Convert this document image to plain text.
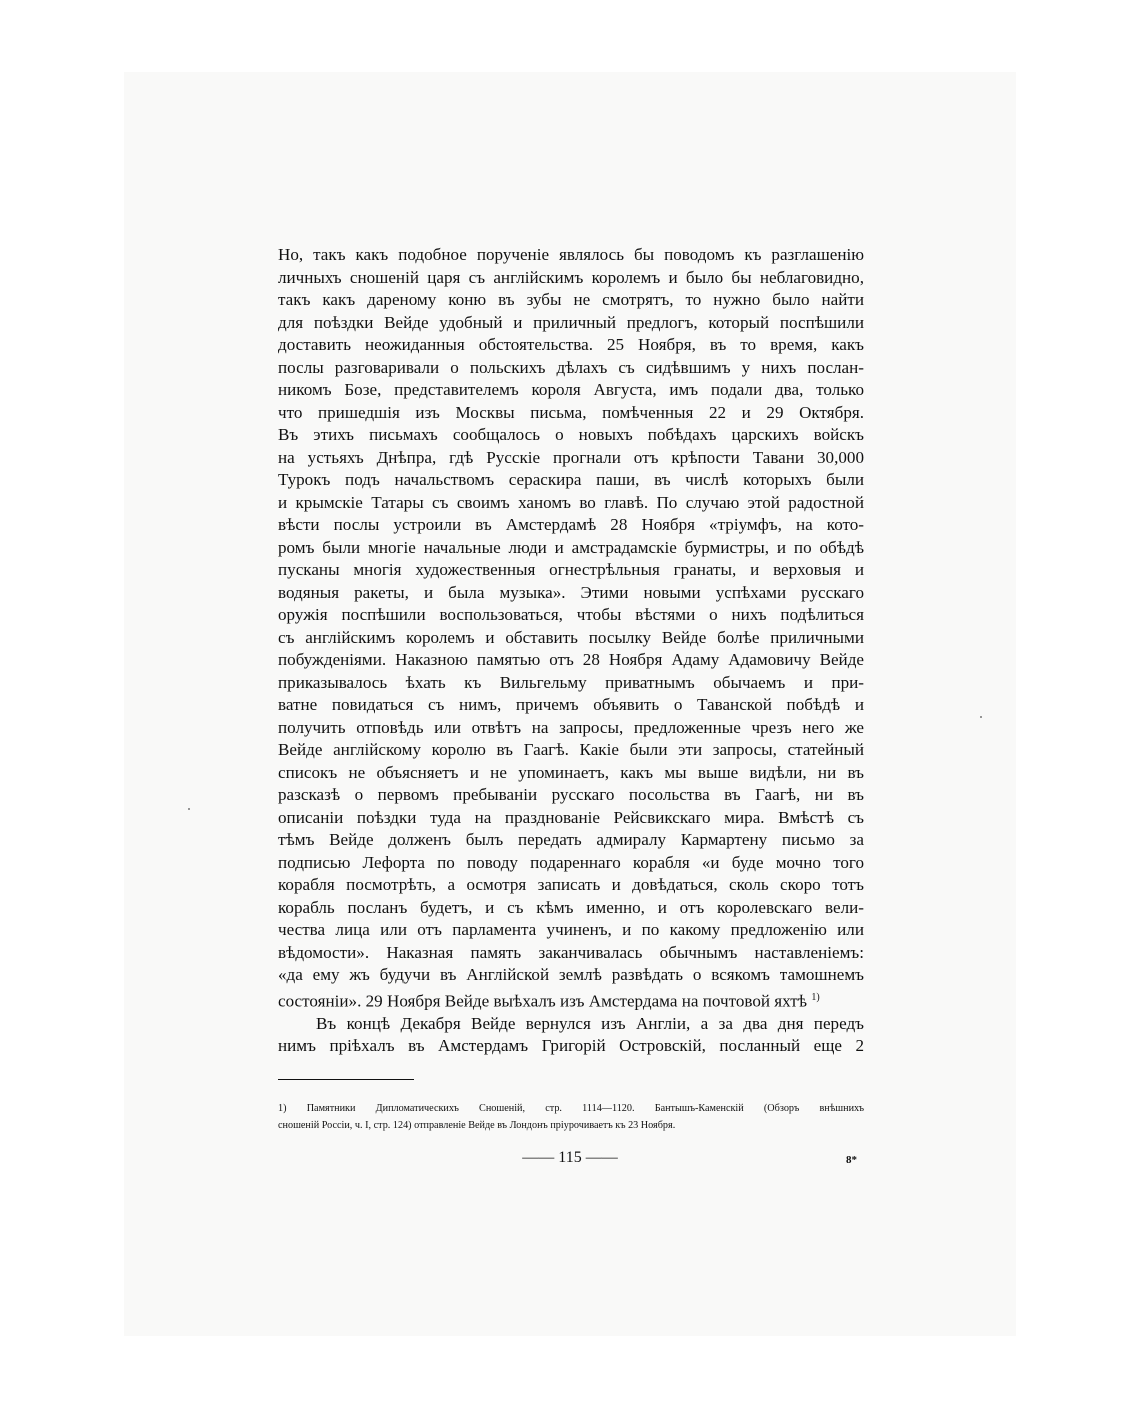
Но, такъ какъ подобное порученіе являлось бы поводомъ къ разглашенію
личныхъ сношеній царя съ англійскимъ королемъ и было бы неблаговидно,
такъ какъ дареному коню въ зубы не смотрятъ, то нужно было найти
для поѣздки Вейде удобный и приличный предлогъ, который поспѣшили
доставить неожиданныя обстоятельства. 25 Ноября, въ то время, какъ
послы разговаривали о польскихъ дѣлахъ съ сидѣвшимъ у нихъ послан-
никомъ Бозе, представителемъ короля Августа, имъ подали два, только
что пришедшія изъ Москвы письма, помѣченныя 22 и 29 Октября.
Въ этихъ письмахъ сообщалось о новыхъ побѣдахъ царскихъ войскъ
на устьяхъ Днѣпра, гдѣ Русскіе прогнали отъ крѣпости Тавани 30,000
Турокъ подъ начальствомъ сераскира паши, въ числѣ которыхъ были
и крымскіе Татары съ своимъ ханомъ во главѣ. По случаю этой радостной
вѣсти послы устроили въ Амстердамѣ 28 Ноября «тріумфъ, на кото-
ромъ были многіе начальные люди и амстрадамскіе бурмистры, и по обѣдѣ
пусканы многія художественныя огнестрѣльныя гранаты, и верховыя и
водяныя ракеты, и была музыка». Этими новыми успѣхами русскаго
оружія поспѣшили воспользоваться, чтобы вѣстями о нихъ подѣлиться
съ англійскимъ королемъ и обставить посылку Вейде болѣе приличными
побужденіями. Наказною памятью отъ 28 Ноября Адаму Адамовичу Вейде
приказывалось ѣхать къ Вильгельму приватнымъ обычаемъ и при-
ватне повидаться съ нимъ, причемъ объявить о Таванской побѣдѣ и
получить отповѣдь или отвѣтъ на запросы, предложенные чрезъ него же
Вейде англійскому королю въ Гаагѣ. Какіе были эти запросы, статейный
списокъ не объясняетъ и не упоминаетъ, какъ мы выше видѣли, ни въ
разсказѣ о первомъ пребываніи русскаго посольства въ Гаагѣ, ни въ
описаніи поѣздки туда на празднованіе Рейсвикскаго мира. Вмѣстѣ съ
тѣмъ Вейде долженъ былъ передать адмиралу Кармартену письмо за
подписью Лефорта по поводу подареннаго корабля «и буде мочно того
корабля посмотрѣть, а осмотря записать и довѣдаться, сколь скоро тотъ
корабль посланъ будетъ, и съ кѣмъ именно, и отъ королевскаго вели-
чества лица или отъ парламента учиненъ, и по какому предложенію или
вѣдомости». Наказная память заканчивалась обычнымъ наставленіемъ:
«да ему жъ будучи въ Англійской землѣ развѣдать о всякомъ тамошнемъ
состояніи». 29 Ноября Вейде выѣхалъ изъ Амстердама на почтовой яхтѣ $^{1)}$
Въ концѣ Декабря Вейде вернулся изъ Англіи, а за два дня передъ
нимъ пріѣхалъ въ Амстердамъ Григорій Островскій, посланный еще 2
1) Памятники Дипломатическихъ Сношеній, стр. 1114—1120. Бантышъ-Каменскій (Обзоръ внѣшнихъ
сношеній Россіи, ч. I, стр. 124) отправленіе Вейде въ Лондонъ пріурочиваетъ къ 23 Ноября.
—— 115 ——	8*
